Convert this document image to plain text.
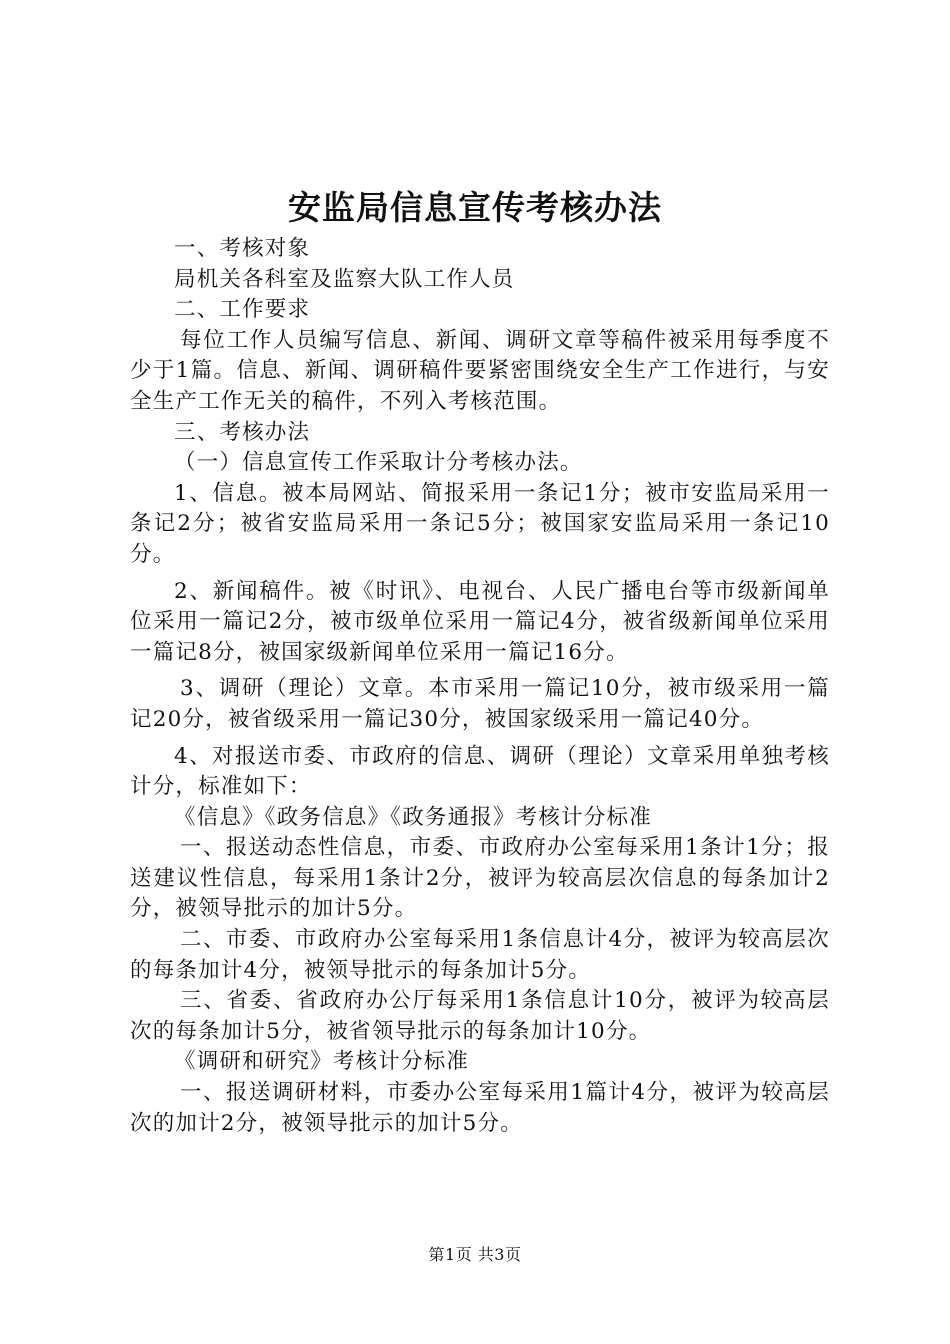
安监局信息宣传考核办法

一、考核对象

局机关各科室及监察大队工作人员

二、工作要求

每位工作人员编写信息、新闻、调研文章等稿件被采用每季度不少于1篇。信息、新闻、调研稿件要紧密围绕安全生产工作进行，与安全生产工作无关的稿件，不列入考核范围。

三、考核办法

（一）信息宣传工作采取计分考核办法。

1、信息。被本局网站、简报采用一条记1分；被市安监局采用一条记2分；被省安监局采用一条记5分；被国家安监局采用一条记10分。

2、新闻稿件。被《时讯》、电视台、人民广播电台等市级新闻单位采用一篇记2分，被市级单位采用一篇记4分，被省级新闻单位采用一篇记8分，被国家级新闻单位采用一篇记16分。

3、调研（理论）文章。本市采用一篇记10分，被市级采用一篇记20分，被省级采用一篇记30分，被国家级采用一篇记40分。

4、对报送市委、市政府的信息、调研（理论）文章采用单独考核计分，标准如下：

《信息》《政务信息》《政务通报》考核计分标准

一、报送动态性信息，市委、市政府办公室每采用1条计1分；报送建议性信息，每采用1条计2分，被评为较高层次信息的每条加计2分，被领导批示的加计5分。

二、市委、市政府办公室每采用1条信息计4分，被评为较高层次的每条加计4分，被领导批示的每条加计5分。

三、省委、省政府办公厅每采用1条信息计10分，被评为较高层次的每条加计5分，被省领导批示的每条加计10分。

《调研和研究》考核计分标准

一、报送调研材料，市委办公室每采用1篇计4分，被评为较高层次的加计2分，被领导批示的加计5分。

第1页 共3页
